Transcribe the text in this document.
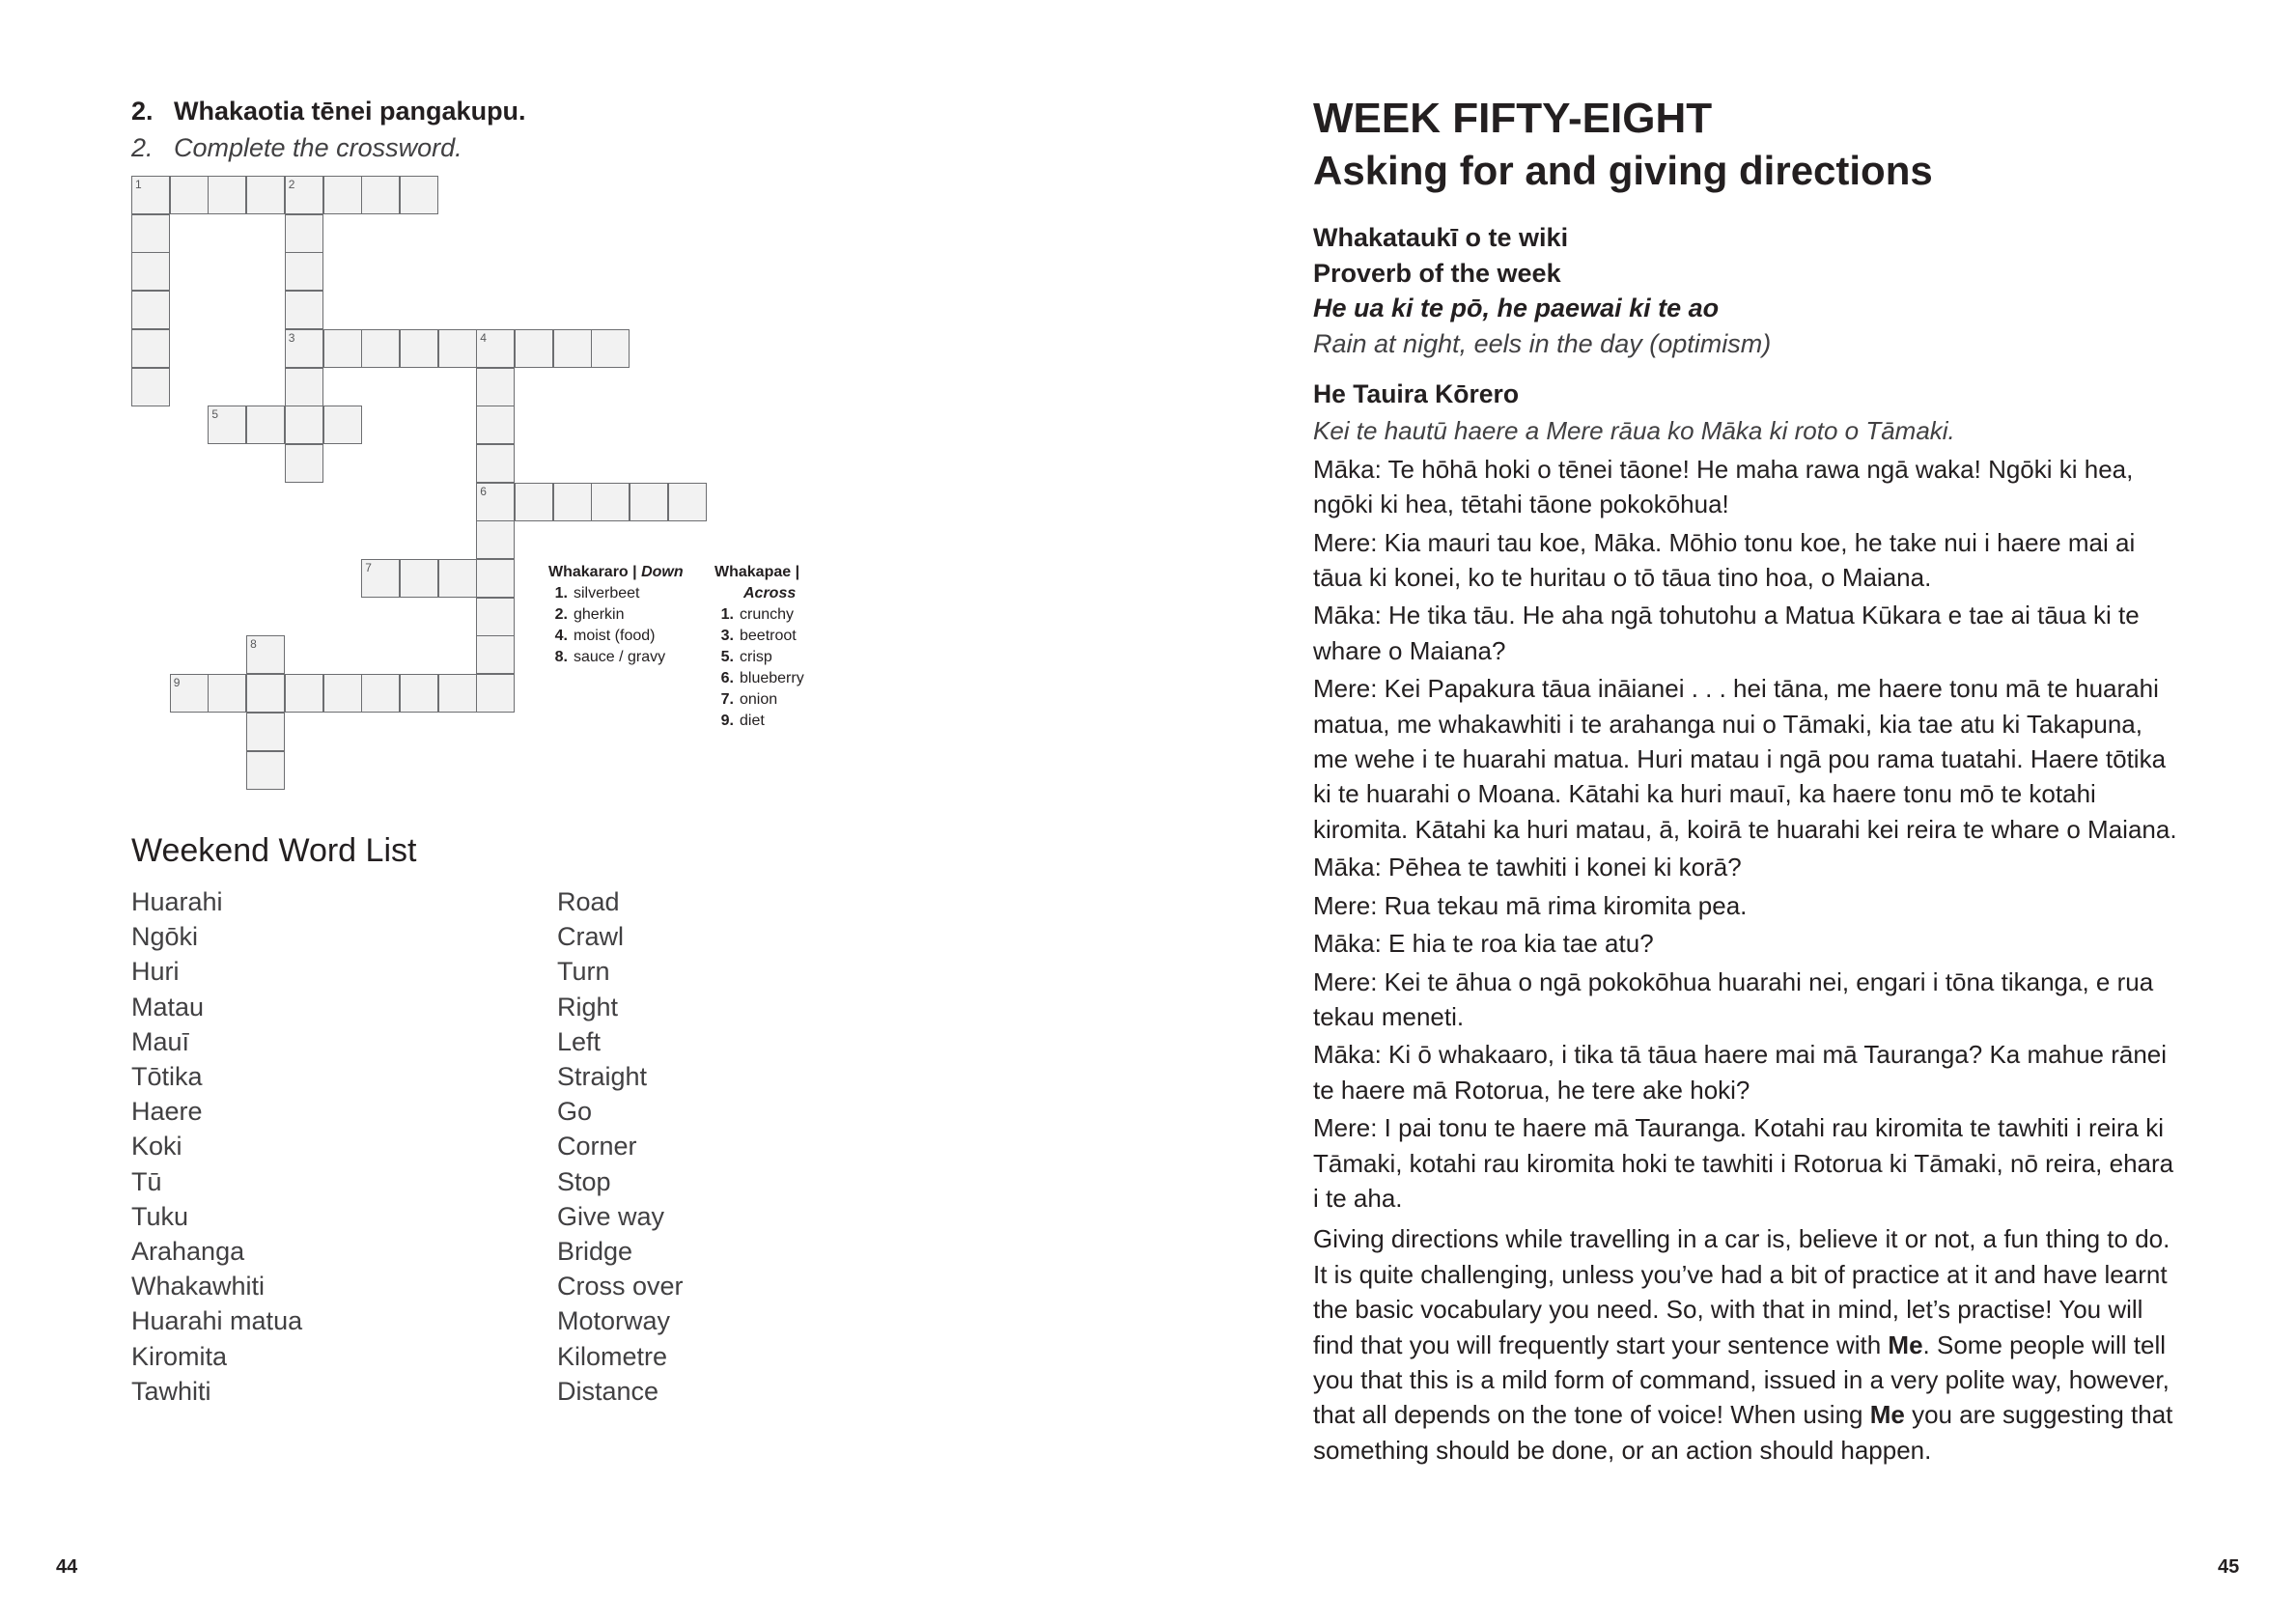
2. Whakaotia tēnei pangakupu.
2. Complete the crossword.
1	2
3	4
6
5
7
8
9
Whakararo | Down
1. silverbeet
2. gherkin
4. moist (food)
8. sauce / gravy
Whakapae |
Across
1. crunchy
3. beetroot
5. crisp
6. blueberry
7. onion
9. diet
Weekend Word List
Huarahi
Ngōki
Huri
Matau
Mauī
Tōtika
Haere
Koki
Tū
Tuku
Arahanga
Whakawhiti
Huarahi matua
Kiromita
Tawhiti
Road
Crawl
Turn
Right
Left
Straight
Go
Corner
Stop
Give way
Bridge
Cross over
Motorway
Kilometre
Distance
44
WEEK FIFTY-EIGHT
Asking for and giving directions
Whakataukī o te wiki
Proverb of the week
He ua ki te pō, he paewai ki te ao
Rain at night, eels in the day (optimism)

He Tauira Kōrero

Kei te hautū haere a Mere rāua ko Māka ki roto o Tāmaki.

Māka: Te hōhā hoki o tēnei tāone! He maha rawa ngā waka! Ngōki ki hea, ngōki ki hea, tētahi tāone pokokōhua!

Mere: Kia mauri tau koe, Māka. Mōhio tonu koe, he take nui i haere mai ai tāua ki konei, ko te huritau o tō tāua tino hoa, o Maiana.

Māka: He tika tāu. He aha ngā tohutohu a Matua Kūkara e tae ai tāua ki te whare o Maiana?

Mere: Kei Papakura tāua ināianei . . . hei tāna, me haere tonu mā te huarahi matua, me whakawhiti i te arahanga nui o Tāmaki, kia tae atu ki Takapuna, me wehe i te huarahi matua. Huri matau i ngā pou rama tuatahi. Haere tōtika ki te huarahi o Moana. Kātahi ka huri mauī, ka haere tonu mō te kotahi kiromita. Kātahi ka huri matau, ā, koirā te huarahi kei reira te whare o Maiana.

Māka: Pēhea te tawhiti i konei ki korā?

Mere: Rua tekau mā rima kiromita pea.

Māka: E hia te roa kia tae atu?

Mere: Kei te āhua o ngā pokokōhua huarahi nei, engari i tōna tikanga, e rua tekau meneti.

Māka: Ki ō whakaaro, i tika tā tāua haere mai mā Tauranga? Ka mahue rānei te haere mā Rotorua, he tere ake hoki?

Mere: I pai tonu te haere mā Tauranga. Kotahi rau kiromita te tawhiti i reira ki Tāmaki, kotahi rau kiromita hoki te tawhiti i Rotorua ki Tāmaki, nō reira, ehara i te aha.

Giving directions while travelling in a car is, believe it or not, a fun thing to do. It is quite challenging, unless you’ve had a bit of practice at it and have learnt the basic vocabulary you need. So, with that in mind, let’s practise! You will find that you will frequently start your sentence with Me. Some people will tell you that this is a mild form of command, issued in a very polite way, however, that all depends on the tone of voice! When using Me you are suggesting that something should be done, or an action should happen.

45
